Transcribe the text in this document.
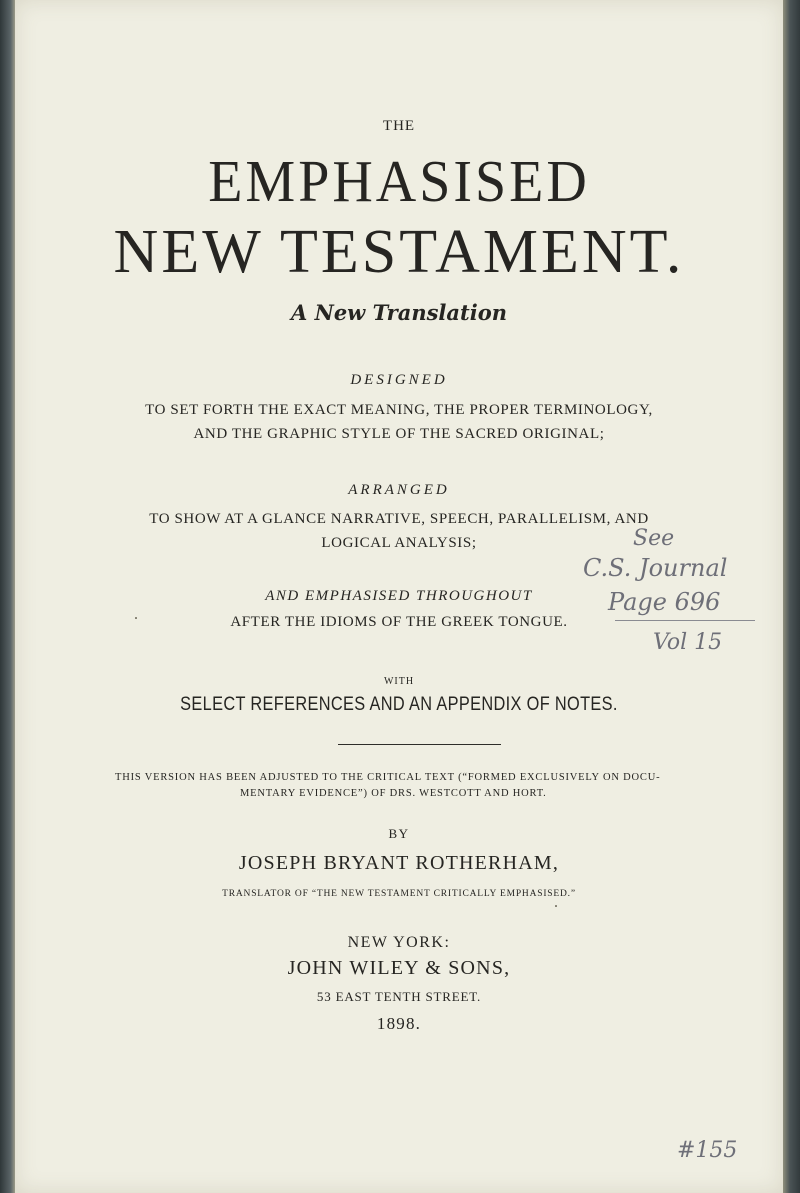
THE
EMPHASISED
NEW TESTAMENT.
A New Translation
DESIGNED
TO SET FORTH THE EXACT MEANING, THE PROPER TERMINOLOGY,
AND THE GRAPHIC STYLE OF THE SACRED ORIGINAL;
ARRANGED
TO SHOW AT A GLANCE NARRATIVE, SPEECH, PARALLELISM, AND
LOGICAL ANALYSIS;
AND EMPHASISED THROUGHOUT
AFTER THE IDIOMS OF THE GREEK TONGUE.
WITH
SELECT REFERENCES AND AN APPENDIX OF NOTES.
THIS VERSION HAS BEEN ADJUSTED TO THE CRITICAL TEXT (“FORMED EXCLUSIVELY ON DOCU-
MENTARY EVIDENCE”) OF DRS. WESTCOTT AND HORT.
BY
JOSEPH BRYANT ROTHERHAM,
TRANSLATOR OF “THE NEW TESTAMENT CRITICALLY EMPHASISED.”
NEW YORK:
JOHN WILEY & SONS,
53 EAST TENTH STREET.
1898.
See
C.S. Journal
Page 696
Vol 15
#155
